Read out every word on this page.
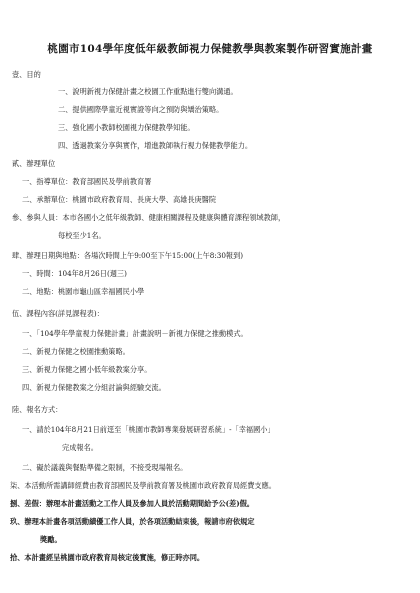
桃園市104學年度低年級教師視力保健教學與教案製作研習實施計畫
壹、目的
一、說明新視力保健計畫之校園工作重點進行雙向溝通。
二、提供國際學童近視實證等向之預防與矯治策略。
三、強化國小教師校園視力保健教學知能。
四、透過教案分享與實作，增進教師執行視力保健教學能力。
貳、辦理單位
一、指導單位：教育部國民及學前教育署
二、承辦單位：桃園市政府教育局、長庚大學、高雄長庚醫院
參、參與人員：本市各國小之低年級教師、健康相關課程及健康與體育課程領域教師，
每校至少1名。
肆、辦理日期與地點：各場次時間上午9:00至下午15:00(上午8:30報到)
一、時間：104年8月26日(週三)
二、地點：桃園市龜山區幸福國民小學
伍、課程內容(詳見課程表)：
一、「104學年學童視力保健計畫」計畫說明－新視力保健之推動模式。
二、新視力保健之校園推動策略。
三、新視力保健之國小低年級教案分享。
四、新視力保健教案之分組討論與經驗交流。
陸、報名方式：
一、請於104年8月21日前逕至「桃園市教師專業發展研習系統」-「幸福國小」
完成報名。
二、礙於議義與餐點準備之限制，不接受現場報名。
柒、本活動所需講師經費由教育部國民及學前教育署及桃園市政府教育局經費支應。
捌、差假：辦理本計畫活動之工作人員及參加人員於活動期間給予公(差)假。
玖、辦理本計畫各項活動績優工作人員，於各項活動結束後，報請市府依規定
獎勵。
拾、本計畫經呈桃園市政府教育局核定後實施，修正時亦同。
